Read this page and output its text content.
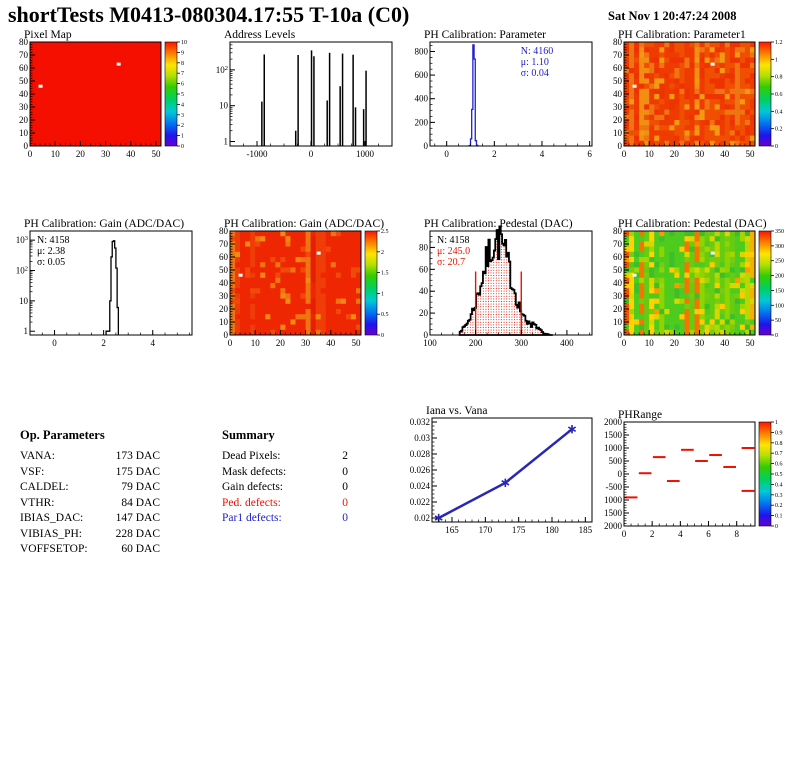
shortTests M0413-080304.17:55 T-10a (C0)	Sat Nov 1 20:47:24 2008
Pixel Map
0 10 20 30 40 50
0
10
20
30
40
50
60
70
80
0
1
2
3
4
5
6
7
8
9
10
Address Levels
-1000	0	1000
1
10
$10^2$
PH Calibration: Parameter
0	2	4	6
0
200
400
600
800	N: 4160
μ: 1.10
σ: 0.04
PH Calibration: Parameter1
0 10 20 30 40 50
0
10
20
30
40
50
60
70
80
0
0.2
0.4
0.6
0.8
1
1.2
PH Calibration: Gain (ADC/DAC)
0	2	4
1
10
$10^2$
$10^3$ N: 4158
μ: 2.38
σ: 0.05
PH Calibration: Gain (ADC/DAC)
0 10 20 30 40 50
0
10
20
30
40
50
60
70
80
0
0.5
1
1.5
2
2.5
PH Calibration: Pedestal (DAC)
100	200	300	400
0
20
40
60
80
N: 4158
μ: 245.0
σ: 20.7
PH Calibration: Pedestal (DAC)
0 10 20 30 40 50
0
10
20
30
40
50
60
70
80
0
50
100
150
200
250
300
350
Op. Parameters
VANA:	173 DAC
VSF:	175 DAC
CALDEL:	79 DAC
VTHR:	84 DAC
IBIAS_DAC:	147 DAC
VIBIAS_PH:	228 DAC
VOFFSETOP:	60 DAC
Summary
Dead Pixels:	2
Mask defects:	0
Gain defects:	0
Ped. defects:	0
Par1 defects:	0
Iana vs. Vana
165 170 175 180 185
0.02
0.022
0.024
0.026
0.028
0.03
0.032
PHRange
0	2	4	6	8
2000
1500
1000
500
0
-500
1000
1500
2000	0
0.1
0.2
0.3
0.4
0.5
0.6
0.7
0.8
0.9
1
